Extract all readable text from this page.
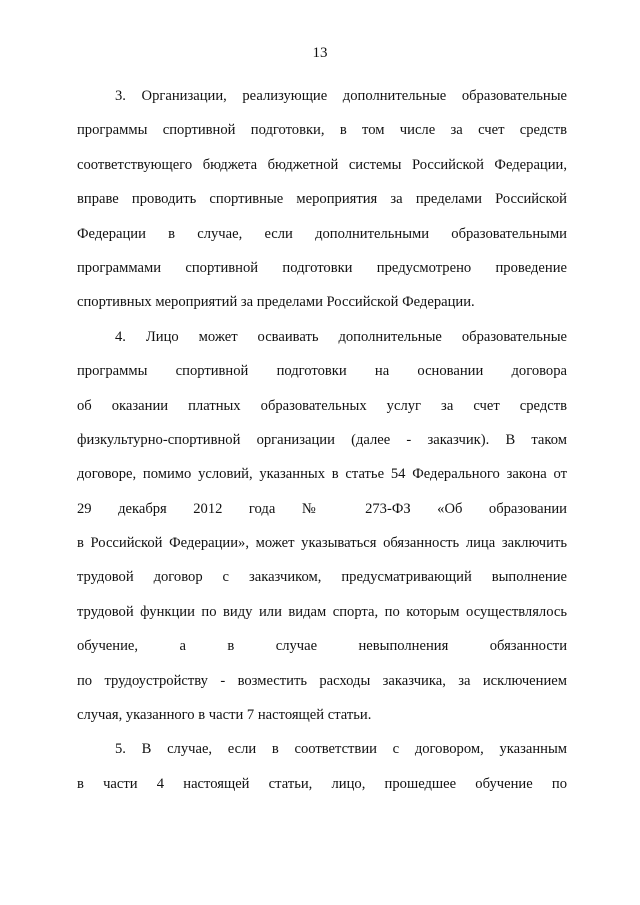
13
3. Организации, реализующие дополнительные образовательные
программы спортивной подготовки, в том числе за счет средств
соответствующего бюджета бюджетной системы Российской Федерации,
вправе проводить спортивные мероприятия за пределами Российской
Федерации в случае, если дополнительными образовательными
программами спортивной подготовки предусмотрено проведение
спортивных мероприятий за пределами Российской Федерации.
4. Лицо может осваивать дополнительные образовательные
программы спортивной подготовки на основании договора
об оказании платных образовательных услуг за счет средств
физкультурно-спортивной организации (далее - заказчик). В таком
договоре, помимо условий, указанных в статье 54 Федерального закона от
29 декабря 2012 года № 273-ФЗ «Об образовании
в Российской Федерации», может указываться обязанность лица заключить
трудовой договор с заказчиком, предусматривающий выполнение
трудовой функции по виду или видам спорта, по которым осуществлялось
обучение, а в случае невыполнения обязанности
по трудоустройству - возместить расходы заказчика, за исключением
случая, указанного в части 7 настоящей статьи.
5. В случае, если в соответствии с договором, указанным
в части 4 настоящей статьи, лицо, прошедшее обучение по
